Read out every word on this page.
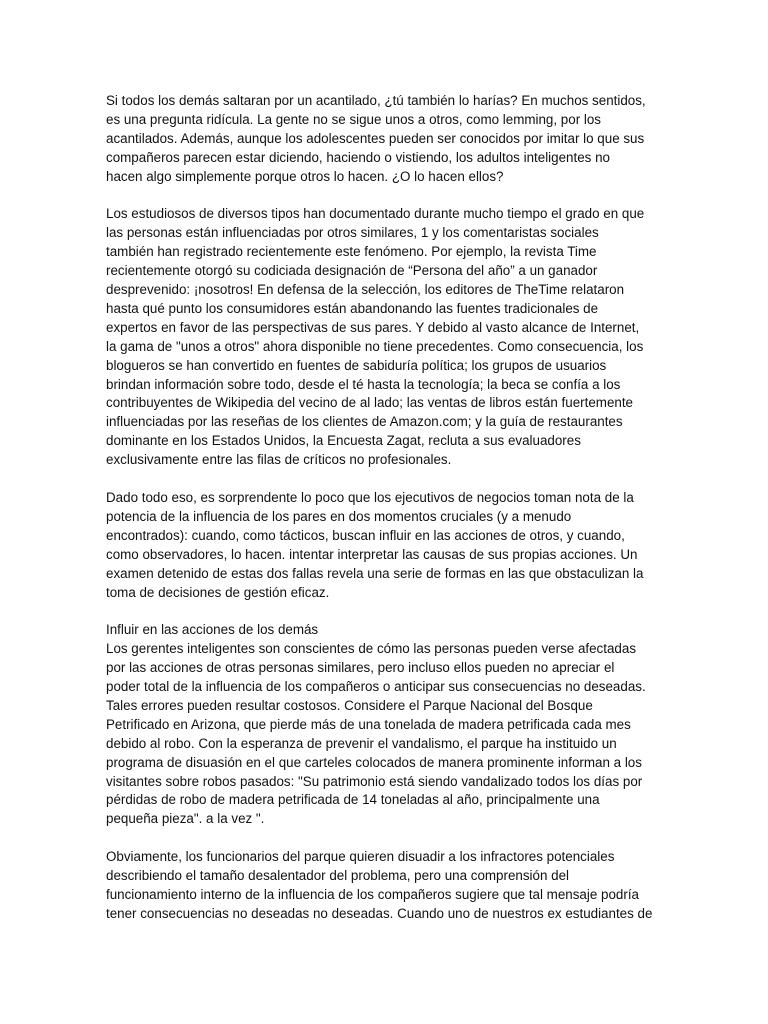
Si todos los demás saltaran por un acantilado, ¿tú también lo harías? En muchos sentidos,
es una pregunta ridícula. La gente no se sigue unos a otros, como lemming, por los
acantilados. Además, aunque los adolescentes pueden ser conocidos por imitar lo que sus
compañeros parecen estar diciendo, haciendo o vistiendo, los adultos inteligentes no
hacen algo simplemente porque otros lo hacen. ¿O lo hacen ellos?

Los estudiosos de diversos tipos han documentado durante mucho tiempo el grado en que
las personas están influenciadas por otros similares, 1 y los comentaristas sociales
también han registrado recientemente este fenómeno. Por ejemplo, la revista Time
recientemente otorgó su codiciada designación de “Persona del año” a un ganador
desprevenido: ¡nosotros! En defensa de la selección, los editores de TheTime relataron
hasta qué punto los consumidores están abandonando las fuentes tradicionales de
expertos en favor de las perspectivas de sus pares. Y debido al vasto alcance de Internet,
la gama de "unos a otros" ahora disponible no tiene precedentes. Como consecuencia, los
blogueros se han convertido en fuentes de sabiduría política; los grupos de usuarios
brindan información sobre todo, desde el té hasta la tecnología; la beca se confía a los
contribuyentes de Wikipedia del vecino de al lado; las ventas de libros están fuertemente
influenciadas por las reseñas de los clientes de Amazon.com; y la guía de restaurantes
dominante en los Estados Unidos, la Encuesta Zagat, recluta a sus evaluadores
exclusivamente entre las filas de críticos no profesionales.

Dado todo eso, es sorprendente lo poco que los ejecutivos de negocios toman nota de la
potencia de la influencia de los pares en dos momentos cruciales (y a menudo
encontrados): cuando, como tácticos, buscan influir en las acciones de otros, y cuando,
como observadores, lo hacen. intentar interpretar las causas de sus propias acciones. Un
examen detenido de estas dos fallas revela una serie de formas en las que obstaculizan la
toma de decisiones de gestión eficaz.

Influir en las acciones de los demás

Los gerentes inteligentes son conscientes de cómo las personas pueden verse afectadas
por las acciones de otras personas similares, pero incluso ellos pueden no apreciar el
poder total de la influencia de los compañeros o anticipar sus consecuencias no deseadas.
Tales errores pueden resultar costosos. Considere el Parque Nacional del Bosque
Petrificado en Arizona, que pierde más de una tonelada de madera petrificada cada mes
debido al robo. Con la esperanza de prevenir el vandalismo, el parque ha instituido un
programa de disuasión en el que carteles colocados de manera prominente informan a los
visitantes sobre robos pasados: "Su patrimonio está siendo vandalizado todos los días por
pérdidas de robo de madera petrificada de 14 toneladas al año, principalmente una
pequeña pieza". a la vez ".

Obviamente, los funcionarios del parque quieren disuadir a los infractores potenciales
describiendo el tamaño desalentador del problema, pero una comprensión del
funcionamiento interno de la influencia de los compañeros sugiere que tal mensaje podría
tener consecuencias no deseadas no deseadas. Cuando uno de nuestros ex estudiantes de
